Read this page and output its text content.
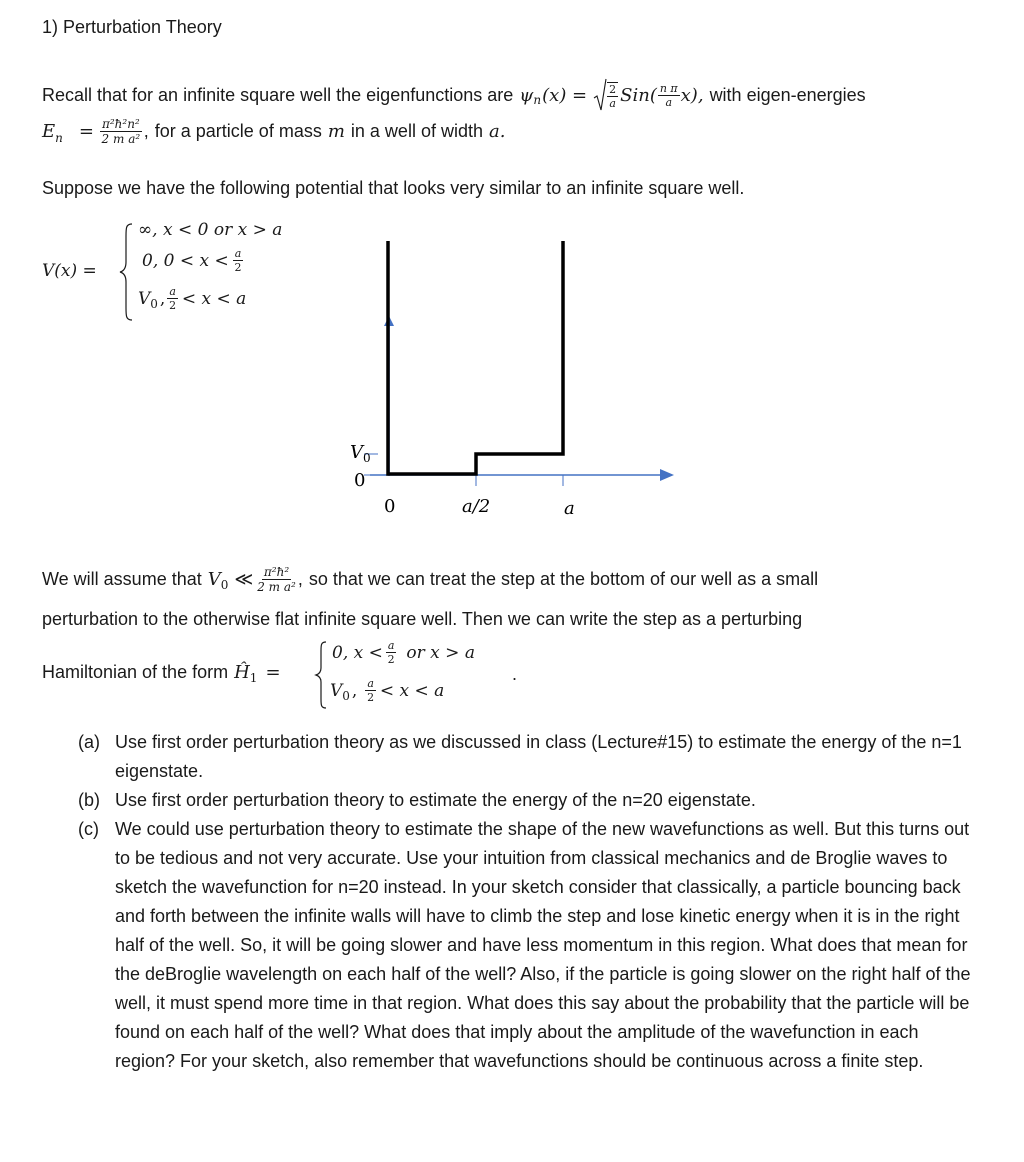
1) Perturbation Theory
Recall that for an infinite square well the eigenfunctions are ψ n $(x) = \frac{2}{a} Sin( \frac{\text{n π}}{a} x)$, with eigen-energies
E $n = \frac{\text{π²ħ²n²}}{\text{2 m a²}}$ , for a particle of mass m in a well of width a.
Suppose we have the following potential that looks very similar to an infinite square well.
V(x) =
∞, x < 0 or x > a
0, $0 < x < \frac{a}{2}$
V 0 , $\frac{a}{2} < x < a$
$V_0$
0
0	a/2	a
We will assume that V 0 ≪ $\frac{\text{π²ħ²}}{\text{2 m a²}}$ , so that we can treat the step at the bottom of our well as a small
perturbation to the otherwise flat infinite square well. Then we can write the step as a perturbing
Hamiltonian of the form Ĥ 1 =
0, $x < \frac{a}{2}$ or x > a
V 0 , $\frac{a}{2} < x < a$
.
(a) Use first order perturbation theory as we discussed in class (Lecture#15) to estimate the energy of the n=1 eigenstate.
(b) Use first order perturbation theory to estimate the energy of the n=20 eigenstate.
(c) We could use perturbation theory to estimate the shape of the new wavefunctions as well. But this turns out to be tedious and not very accurate. Use your intuition from classical mechanics and de Broglie waves to sketch the wavefunction for n=20 instead. In your sketch consider that classically, a particle bouncing back and forth between the infinite walls will have to climb the step and lose kinetic energy when it is in the right half of the well. So, it will be going slower and have less momentum in this region. What does that mean for the deBroglie wavelength on each half of the well? Also, if the particle is going slower on the right half of the well, it must spend more time in that region. What does this say about the probability that the particle will be found on each half of the well? What does that imply about the amplitude of the wavefunction in each region? For your sketch, also remember that wavefunctions should be continuous across a finite step.
